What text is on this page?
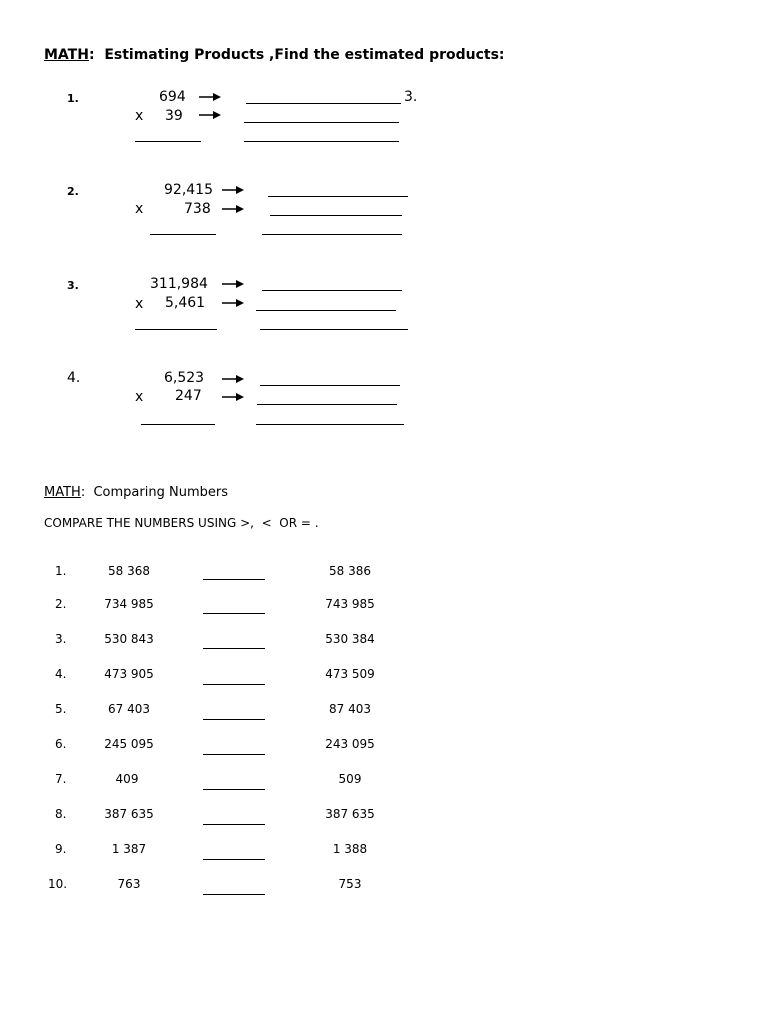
MATH: Estimating Products ,Find the estimated products:
1.	694	3.
x 39
2.	92,415
x	738
3.	311,984
x 5,461
4.	6,523
x 247
MATH: Comparing Numbers
COMPARE THE NUMBERS USING >,  <  OR = .
1.	58 368	58 386
2.	734 985	743 985
3.	530 843	530 384
4.	473 905	473 509
5.	67 403	87 403
6.	245 095	243 095
7.	409	509
8.	387 635	387 635
9.	1 387	1 388
10.	763	753
